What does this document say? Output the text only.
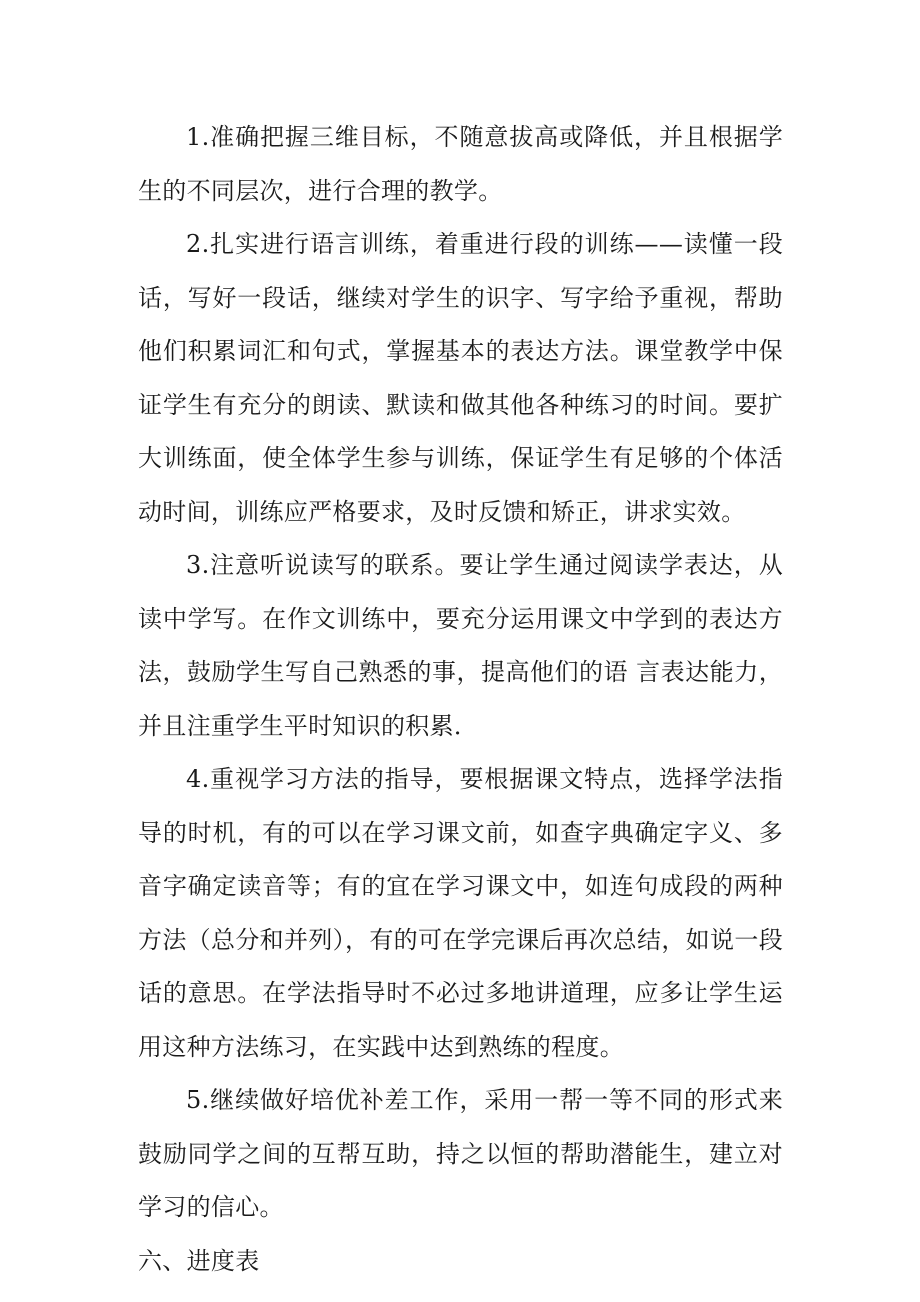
1.准确把握三维目标，不随意拔高或降低，并且根据学生的不同层次，进行合理的教学。

2.扎实进行语言训练，着重进行段的训练——读懂一段话，写好一段话，继续对学生的识字、写字给予重视，帮助他们积累词汇和句式，掌握基本的表达方法。课堂教学中保证学生有充分的朗读、默读和做其他各种练习的时间。要扩大训练面，使全体学生参与训练，保证学生有足够的个体活动时间，训练应严格要求，及时反馈和矫正，讲求实效。

3.注意听说读写的联系。要让学生通过阅读学表达，从读中学写。在作文训练中，要充分运用课文中学到的表达方法，鼓励学生写自己熟悉的事，提高他们的语 言表达能力，并且注重学生平时知识的积累．

4.重视学习方法的指导，要根据课文特点，选择学法指导的时机，有的可以在学习课文前，如查字典确定字义、多音字确定读音等；有的宜在学习课文中，如连句成段的两种方法（总分和并列），有的可在学完课后再次总结，如说一段话的意思。在学法指导时不必过多地讲道理，应多让学生运用这种方法练习，在实践中达到熟练的程度。

5.继续做好培优补差工作，采用一帮一等不同的形式来鼓励同学之间的互帮互助，持之以恒的帮助潜能生，建立对学习的信心。

六、进度表
